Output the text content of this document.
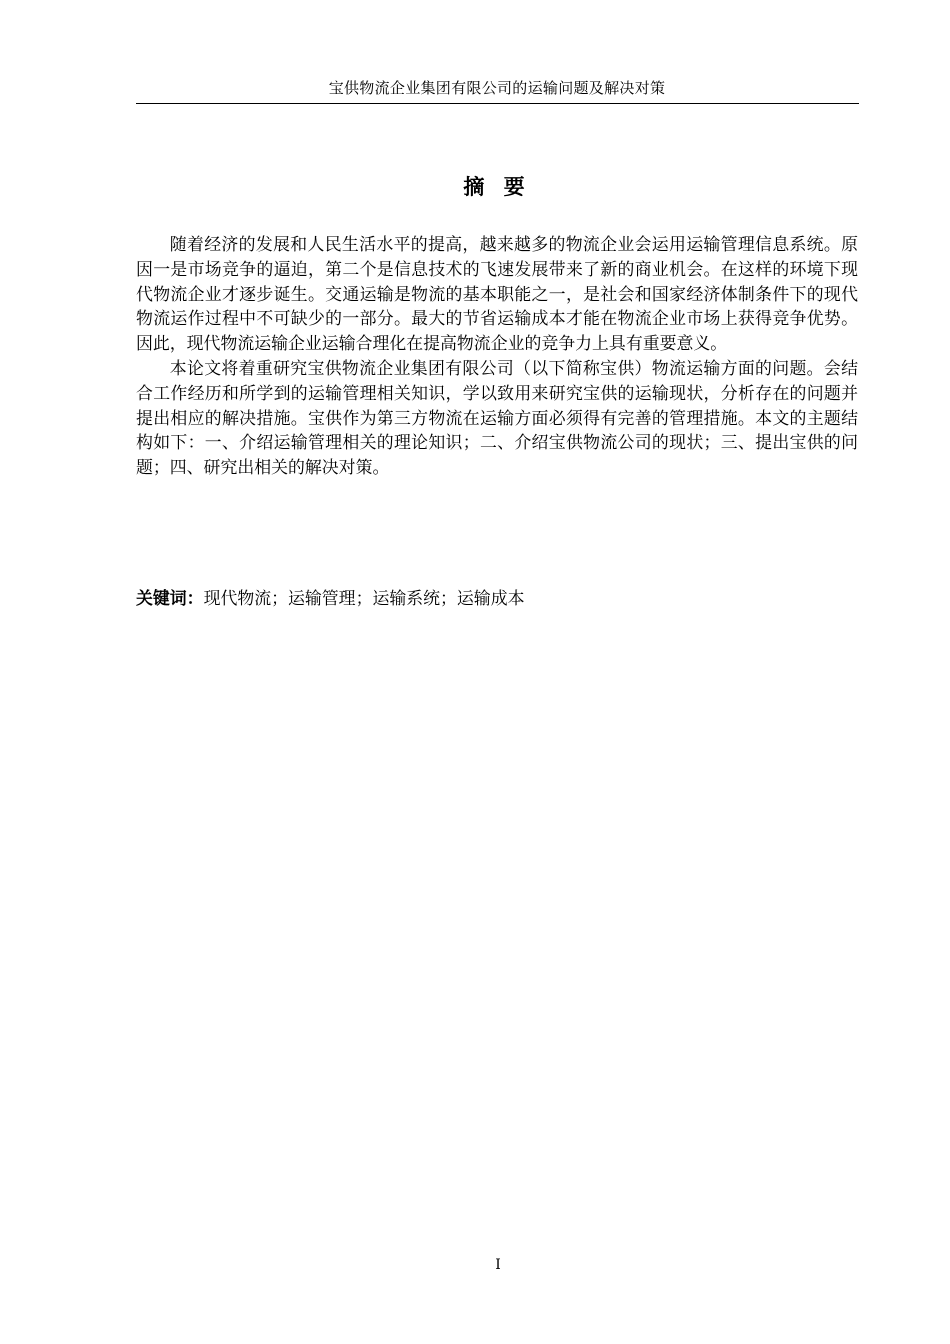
宝供物流企业集团有限公司的运输问题及解决对策
摘 要

随着经济的发展和人民生活水平的提高，越来越多的物流企业会运用运输管理信息系统。原因一是市场竞争的逼迫，第二个是信息技术的飞速发展带来了新的商业机会。在这样的环境下现代物流企业才逐步诞生。交通运输是物流的基本职能之一，是社会和国家经济体制条件下的现代物流运作过程中不可缺少的一部分。最大的节省运输成本才能在物流企业市场上获得竞争优势。因此，现代物流运输企业运输合理化在提高物流企业的竞争力上具有重要意义。

本论文将着重研究宝供物流企业集团有限公司（以下简称宝供）物流运输方面的问题。会结合工作经历和所学到的运输管理相关知识，学以致用来研究宝供的运输现状，分析存在的问题并提出相应的解决措施。宝供作为第三方物流在运输方面必须得有完善的管理措施。本文的主题结构如下：一、介绍运输管理相关的理论知识；二、介绍宝供物流公司的现状；三、提出宝供的问题；四、研究出相关的解决对策。

关键词：现代物流；运输管理；运输系统；运输成本
I
